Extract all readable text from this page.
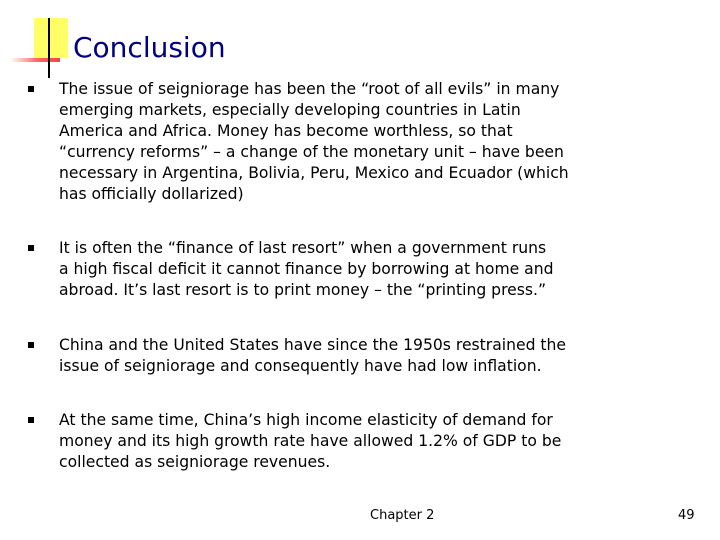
Conclusion
The issue of seigniorage has been the “root of all evils” in many
emerging markets, especially developing countries in Latin
America and Africa. Money has become worthless, so that
“currency reforms” – a change of the monetary unit – have been
necessary in Argentina, Bolivia, Peru, Mexico and Ecuador (which
has officially dollarized)
It is often the “finance of last resort” when a government runs
a high fiscal deficit it cannot finance by borrowing at home and
abroad. It’s last resort is to print money – the “printing press.”
China and the United States have since the 1950s restrained the
issue of seigniorage and consequently have had low inflation.
At the same time, China’s high income elasticity of demand for
money and its high growth rate have allowed 1.2% of GDP to be
collected as seigniorage revenues.
Chapter 2	49
